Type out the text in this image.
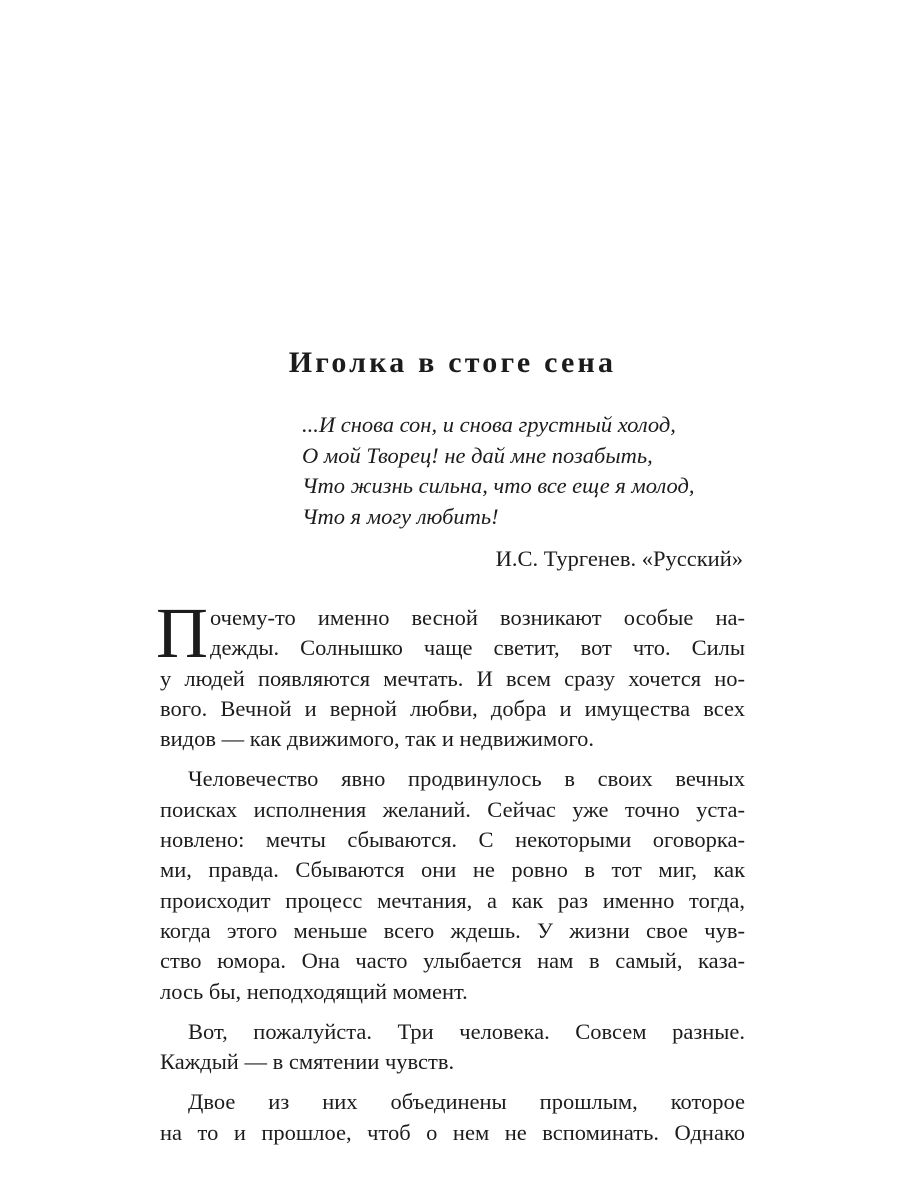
Иголка в стоге сена
...И снова сон, и снова грустный холод,
О мой Творец! не дай мне позабыть,
Что жизнь сильна, что все еще я молод,
Что я могу любить!
И.С. Тургенев. «Русский»
П очему-то именно весной возникают особые на-
дежды. Солнышко чаще светит, вот что. Силы
у людей появляются мечтать. И всем сразу хочется но-
вого. Вечной и верной любви, добра и имущества всех
видов — как движимого, так и недвижимого.
Человечество явно продвинулось в своих вечных
поисках исполнения желаний. Сейчас уже точно уста-
новлено: мечты сбываются. С некоторыми оговорка-
ми, правда. Сбываются они не ровно в тот миг, как
происходит процесс мечтания, а как раз именно тогда,
когда этого меньше всего ждешь. У жизни свое чув-
ство юмора. Она часто улыбается нам в самый, каза-
лось бы, неподходящий момент.
Вот, пожалуйста. Три человека. Совсем разные.
Каждый — в смятении чувств.
Двое из них объединены прошлым, которое
на то и прошлое, чтоб о нем не вспоминать. Однако
